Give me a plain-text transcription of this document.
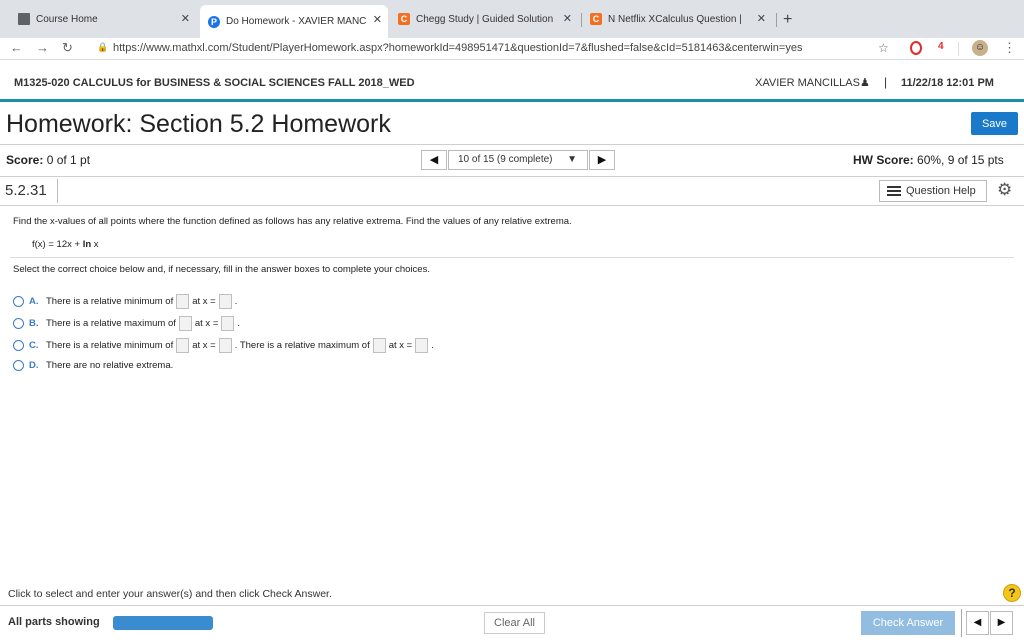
Course Home	✕	P Do Homework - XAVIER MANC ✕	C Chegg Study | Guided Solution ✕	C N Netflix XCalculus Question |	✕ +
← → ↻	🔒 https://www.mathxl.com/Student/PlayerHomework.aspx?homeworkId=498951471&questionId=7&flushed=false&cId=5181463&centerwin=yes	☆	4	☺ ⋮
M1325-020 CALCULUS for BUSINESS & SOCIAL SCIENCES FALL 2018_WED	XAVIER MANCILLAS ♟ | 11/22/18 12:01 PM
Homework: Section 5.2 Homework	Save
Score: 0 of 1 pt	◀	10 of 15 (9 complete) ▼	▶	HW Score: 60%, 9 of 15 pts
5.2.31	Question Help	⚙
Find the x-values of all points where the function defined as follows has any relative extrema. Find the values of any relative extrema.
f(x) = 12x + ln x
Select the correct choice below and, if necessary, fill in the answer boxes to complete your choices.
A. There is a relative minimum of at x = .
B. There is a relative maximum of at x = .
C. There is a relative minimum of at x = . There is a relative maximum of at x = .
D. There are no relative extrema.
Click to select and enter your answer(s) and then click Check Answer.	?
All parts showing	Clear All	Check Answer	◀	▶
